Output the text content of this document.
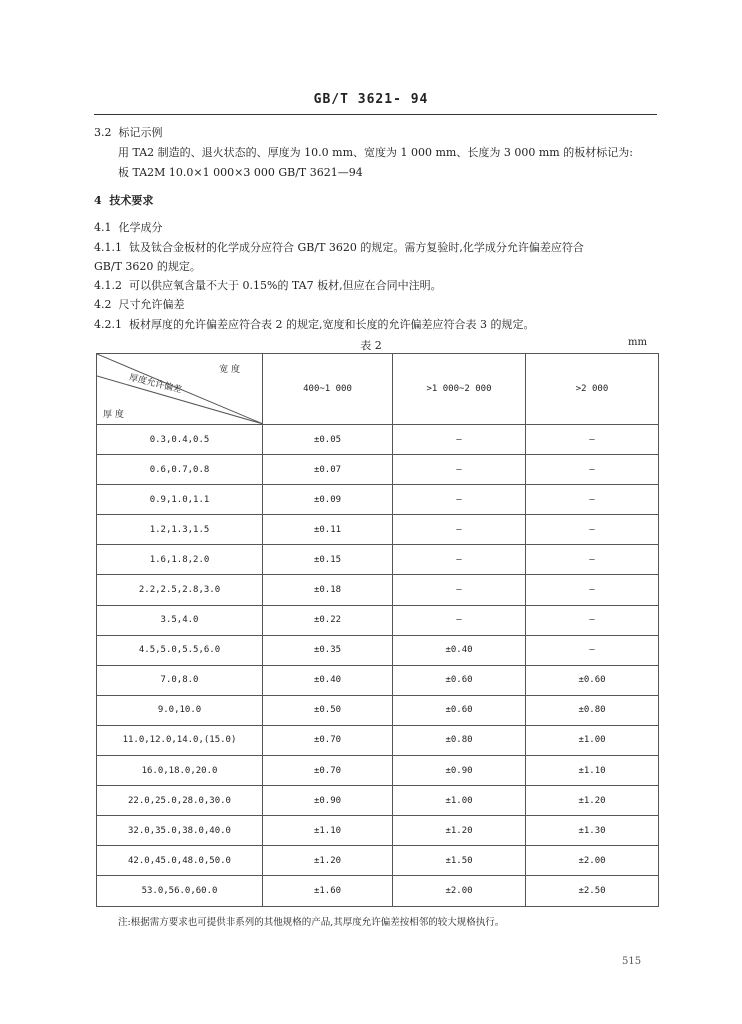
GB/T 3621- 94
3.2 标记示例
用 TA2 制造的、退火状态的、厚度为 10.0 mm、宽度为 1 000 mm、长度为 3 000 mm 的板材标记为:
板 TA2M 10.0×1 000×3 000 GB/T 3621—94
4 技术要求
4.1 化学成分
4.1.1 钛及钛合金板材的化学成分应符合 GB/T 3620 的规定。需方复验时,化学成分允许偏差应符合
GB/T 3620 的规定。
4.1.2 可以供应氧含量不大于 0.15%的 TA7 板材,但应在合同中注明。
4.2 尺寸允许偏差
4.2.1 板材厚度的允许偏差应符合表 2 的规定,宽度和长度的允许偏差应符合表 3 的规定。
表 2	mm
宽 度
厚度允许偏差
厚 度	400~1 000	>1 000~2 000	>2 000
0.3,0.4,0.5	±0.05	—	—
0.6,0.7,0.8	±0.07	—	—
0.9,1.0,1.1	±0.09	—	—
1.2,1.3,1.5	±0.11	—	—
1.6,1.8,2.0	±0.15	—	—
2.2,2.5,2.8,3.0	±0.18	—	—
3.5,4.0	±0.22	—	—
4.5,5.0,5.5,6.0	±0.35	±0.40	—
7.0,8.0	±0.40	±0.60	±0.60
9.0,10.0	±0.50	±0.60	±0.80
11.0,12.0,14.0,(15.0)	±0.70	±0.80	±1.00
16.0,18.0,20.0	±0.70	±0.90	±1.10
22.0,25.0,28.0,30.0	±0.90	±1.00	±1.20
32.0,35.0,38.0,40.0	±1.10	±1.20	±1.30
42.0,45.0,48.0,50.0	±1.20	±1.50	±2.00
53.0,56.0,60.0	±1.60	±2.00	±2.50
注:根据需方要求也可提供非系列的其他规格的产品,其厚度允许偏差按相邻的较大规格执行。
515
